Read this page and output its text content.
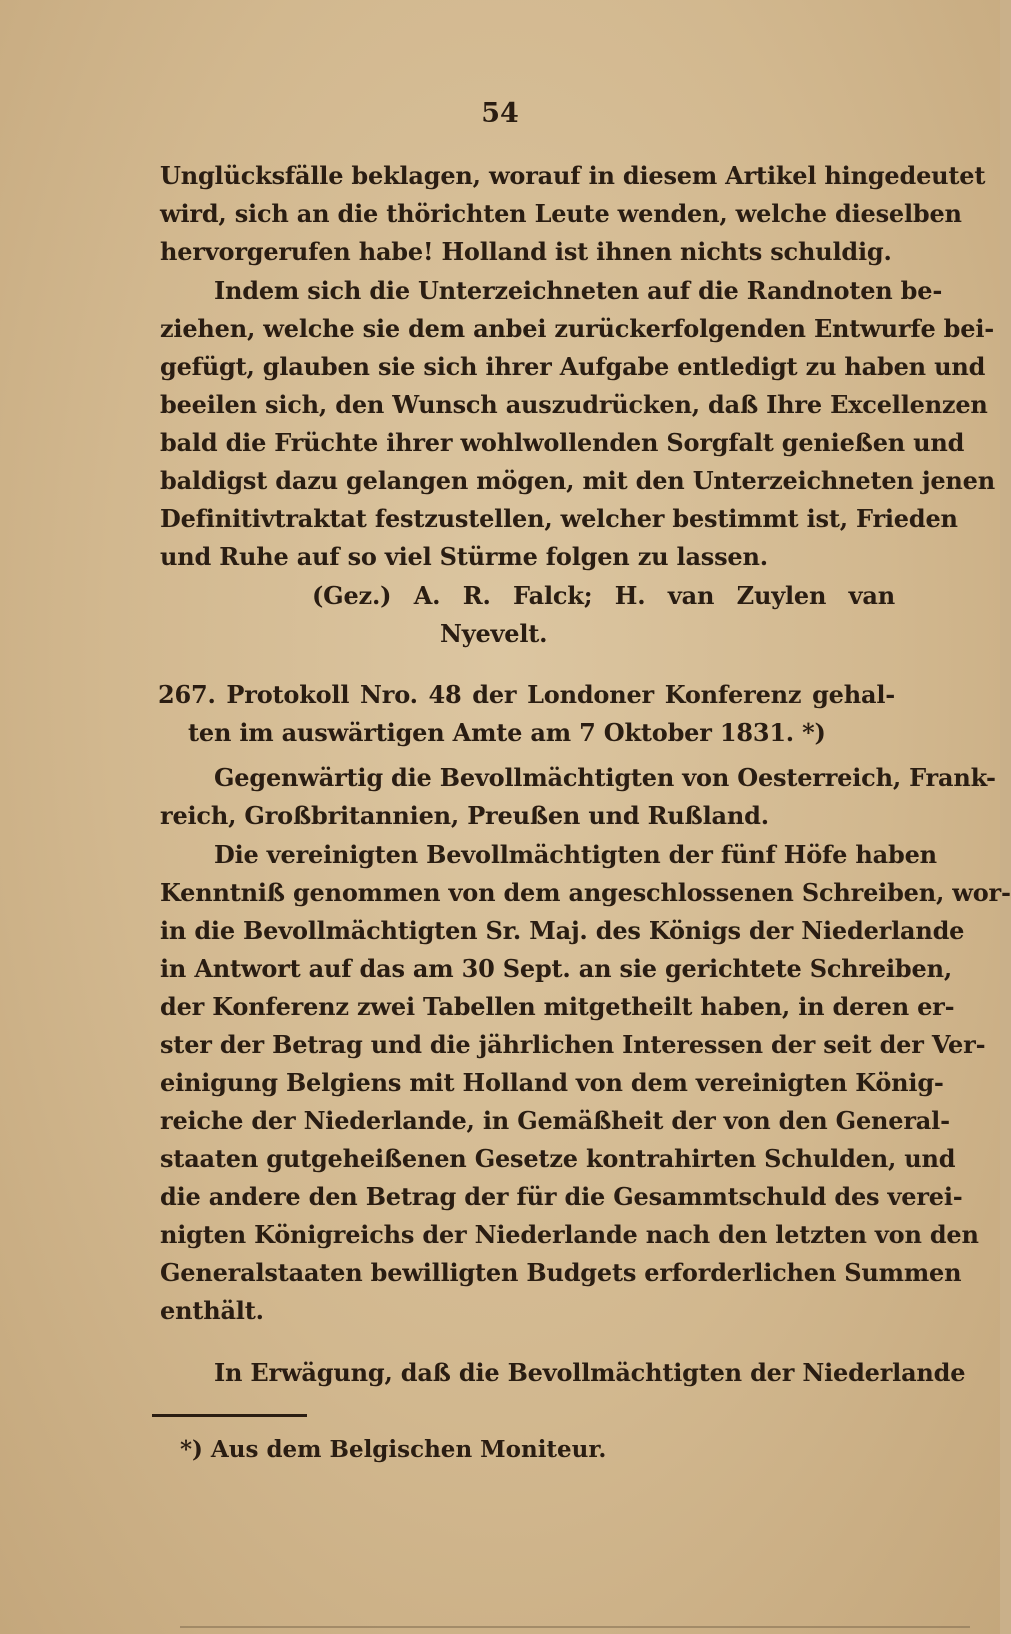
54
Unglücksfälle beklagen, worauf in diesem Artikel hingedeutet
wird, sich an die thörichten Leute wenden, welche dieselben
hervorgerufen habe! Holland ist ihnen nichts schuldig.
Indem sich die Unterzeichneten auf die Randnoten be-
ziehen, welche sie dem anbei zurückerfolgenden Entwurfe bei-
gefügt, glauben sie sich ihrer Aufgabe entledigt zu haben und
beeilen sich, den Wunsch auszudrücken, daß Ihre Excellenzen
bald die Früchte ihrer wohlwollenden Sorgfalt genießen und
baldigst dazu gelangen mögen, mit den Unterzeichneten jenen
Definitivtraktat festzustellen, welcher bestimmt ist, Frieden
und Ruhe auf so viel Stürme folgen zu lassen.
(Gez.) A. R. Falck; H. van Zuylen van
Nyevelt.
267. Protokoll Nro. 48 der Londoner Konferenz gehal-
ten im auswärtigen Amte am 7 Oktober 1831. *)
Gegenwärtig die Bevollmächtigten von Oesterreich, Frank-
reich, Großbritannien, Preußen und Rußland.
Die vereinigten Bevollmächtigten der fünf Höfe haben
Kenntniß genommen von dem angeschlossenen Schreiben, wor-
in die Bevollmächtigten Sr. Maj. des Königs der Niederlande
in Antwort auf das am 30 Sept. an sie gerichtete Schreiben,
der Konferenz zwei Tabellen mitgetheilt haben, in deren er-
ster der Betrag und die jährlichen Interessen der seit der Ver-
einigung Belgiens mit Holland von dem vereinigten König-
reiche der Niederlande, in Gemäßheit der von den General-
staaten gutgeheißenen Gesetze kontrahirten Schulden, und
die andere den Betrag der für die Gesammtschuld des verei-
nigten Königreichs der Niederlande nach den letzten von den
Generalstaaten bewilligten Budgets erforderlichen Summen
enthält.
In Erwägung, daß die Bevollmächtigten der Niederlande
*) Aus dem Belgischen Moniteur.
